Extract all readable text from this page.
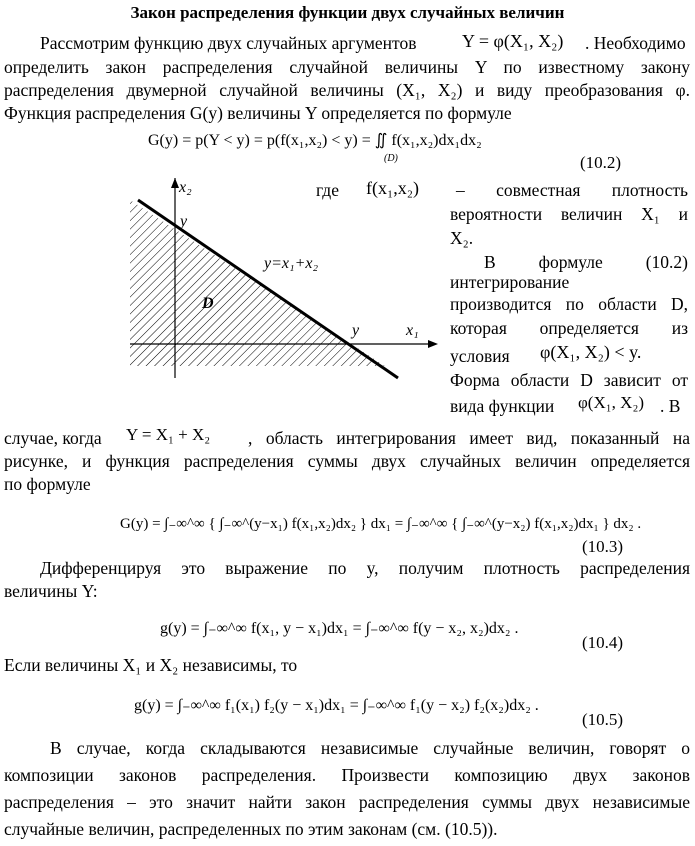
Закон распределения функции двух случайных величин
Рассмотрим функцию двух случайных аргументов	Y = φ(X₁, X₂) . Необходимо
определить закон распределения случайной величины Y по известному закону
распределения двумерной случайной величины (X₁, X₂) и виду преобразования φ.
Функция распределения G(y) величины Y определяется по формуле
G(y) = p(Y < y) = p(f(x₁,x₂) < y) = ∬ f(x₁,x₂)dx₁dx₂
(D)	(10.2)
x₂
y
y=x₁+x₂
D
y	x₁
где f(x₁,x₂) – совместная плотность
вероятности величин X₁ и
X₂.
В формуле (10.2)
интегрирование
производится по области D,
которая определяется из
условия φ(X₁, X₂) < y.
Форма области D зависит от
вида функции φ(X₁, X₂) . В
случае, когда Y = X₁ + X₂ , область интегрирования имеет вид, показанный на
рисунке, и функция распределения суммы двух случайных величин определяется
по формуле
G(y) = ∫₋∞^∞ { ∫₋∞^(y−x₁) f(x₁,x₂)dx₂ } dx₁ = ∫₋∞^∞ { ∫₋∞^(y−x₂) f(x₁,x₂)dx₁ } dx₂ .
(10.3)
Дифференцируя это выражение по y, получим плотность распределения
величины Y:
g(y) = ∫₋∞^∞ f(x₁, y − x₁)dx₁ = ∫₋∞^∞ f(y − x₂, x₂)dx₂ .
(10.4)
Если величины X₁ и X₂ независимы, то
g(y) = ∫₋∞^∞ f₁(x₁) f₂(y − x₁)dx₁ = ∫₋∞^∞ f₁(y − x₂) f₂(x₂)dx₂ .
(10.5)
В случае, когда складываются независимые случайные величин, говорят о
композиции законов распределения. Произвести композицию двух законов
распределения – это значит найти закон распределения суммы двух независимые
случайные величин, распределенных по этим законам (см. (10.5)).
